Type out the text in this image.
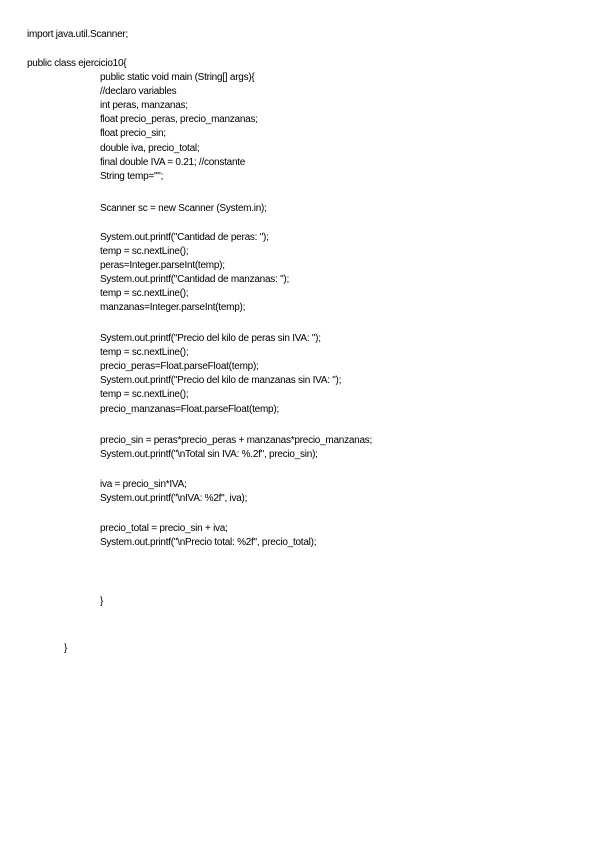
import java.util.Scanner;
public class ejercicio10{
public static void main (String[] args){
//declaro variables
int peras, manzanas;
float precio_peras, precio_manzanas;
float precio_sin;
double iva, precio_total;
final double IVA = 0.21; //constante
String temp="";
Scanner sc = new Scanner (System.in);
System.out.printf("Cantidad de peras: ");
temp = sc.nextLine();
peras=Integer.parseInt(temp);
System.out.printf("Cantidad de manzanas: ");
temp = sc.nextLine();
manzanas=Integer.parseInt(temp);
System.out.printf("Precio del kilo de peras sin IVA: ");
temp = sc.nextLine();
precio_peras=Float.parseFloat(temp);
System.out.printf("Precio del kilo de manzanas sin IVA: ");
temp = sc.nextLine();
precio_manzanas=Float.parseFloat(temp);
precio_sin = peras*precio_peras + manzanas*precio_manzanas;
System.out.printf("\nTotal sin IVA: %.2f", precio_sin);
iva = precio_sin*IVA;
System.out.printf("\nIVA: %2f", iva);
precio_total = precio_sin + iva;
System.out.printf("\nPrecio total: %2f", precio_total);
}
}
